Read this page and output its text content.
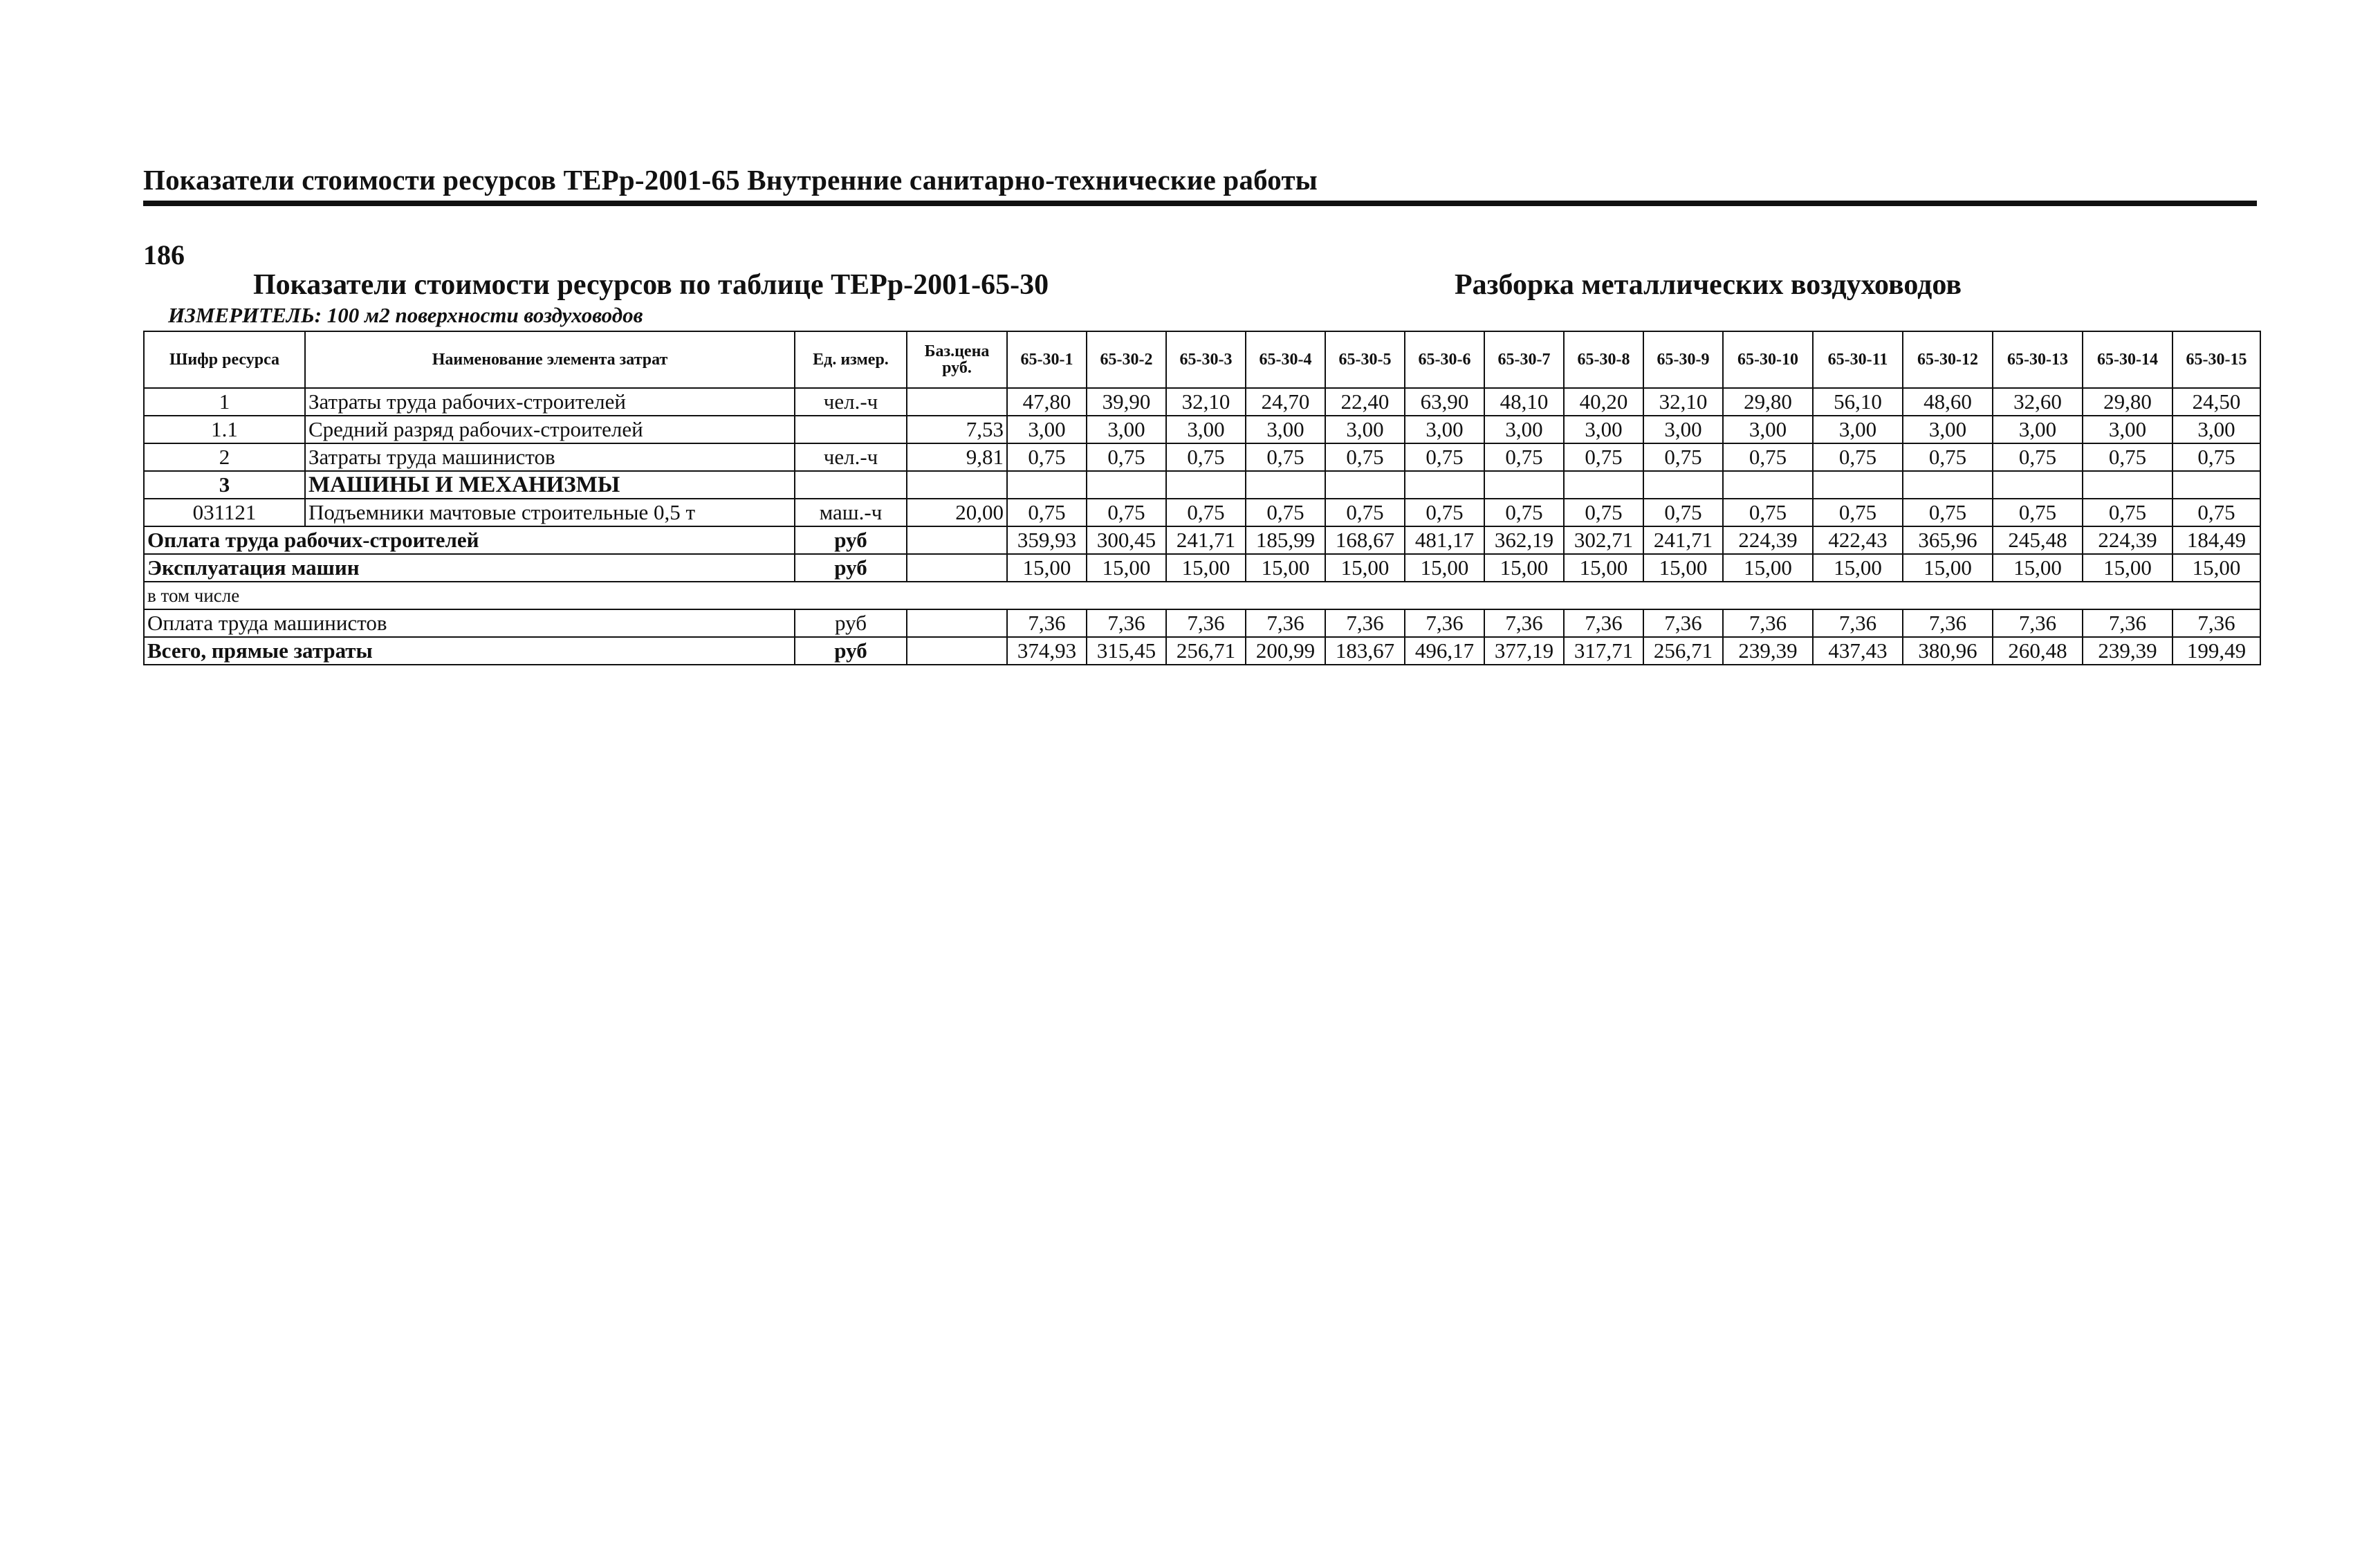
Показатели стоимости ресурсов ТЕРр-2001-65 Внутренние санитарно-технические работы
186
Показатели стоимости ресурсов по таблице ТЕРр-2001-65-30	Разборка металлических воздуховодов
ИЗМЕРИТЕЛЬ: 100 м2 поверхности воздуховодов
Шифр ресурса	Наименование элемента затрат	Ед. измер.	Баз.цена руб.	65-30-1	65-30-2	65-30-3	65-30-4	65-30-5	65-30-6	65-30-7	65-30-8	65-30-9	65-30-10	65-30-11	65-30-12	65-30-13	65-30-14	65-30-15
1	Затраты труда рабочих-строителей	чел.-ч		47,80	39,90	32,10	24,70	22,40	63,90	48,10	40,20	32,10	29,80	56,10	48,60	32,60	29,80	24,50
1.1	Средний разряд рабочих-строителей		7,53	3,00	3,00	3,00	3,00	3,00	3,00	3,00	3,00	3,00	3,00	3,00	3,00	3,00	3,00	3,00
2	Затраты труда машинистов	чел.-ч	9,81	0,75	0,75	0,75	0,75	0,75	0,75	0,75	0,75	0,75	0,75	0,75	0,75	0,75	0,75	0,75
3	МАШИНЫ И МЕХАНИЗМЫ																	
031121	Подъемники мачтовые строительные 0,5 т	маш.-ч	20,00	0,75	0,75	0,75	0,75	0,75	0,75	0,75	0,75	0,75	0,75	0,75	0,75	0,75	0,75	0,75
Оплата труда рабочих-строителей		руб		359,93	300,45	241,71	185,99	168,67	481,17	362,19	302,71	241,71	224,39	422,43	365,96	245,48	224,39	184,49
Эксплуатация машин		руб		15,00	15,00	15,00	15,00	15,00	15,00	15,00	15,00	15,00	15,00	15,00	15,00	15,00	15,00	15,00
в том числе																		
Оплата труда машинистов		руб		7,36	7,36	7,36	7,36	7,36	7,36	7,36	7,36	7,36	7,36	7,36	7,36	7,36	7,36	7,36
Всего, прямые затраты		руб		374,93	315,45	256,71	200,99	183,67	496,17	377,19	317,71	256,71	239,39	437,43	380,96	260,48	239,39	199,49
